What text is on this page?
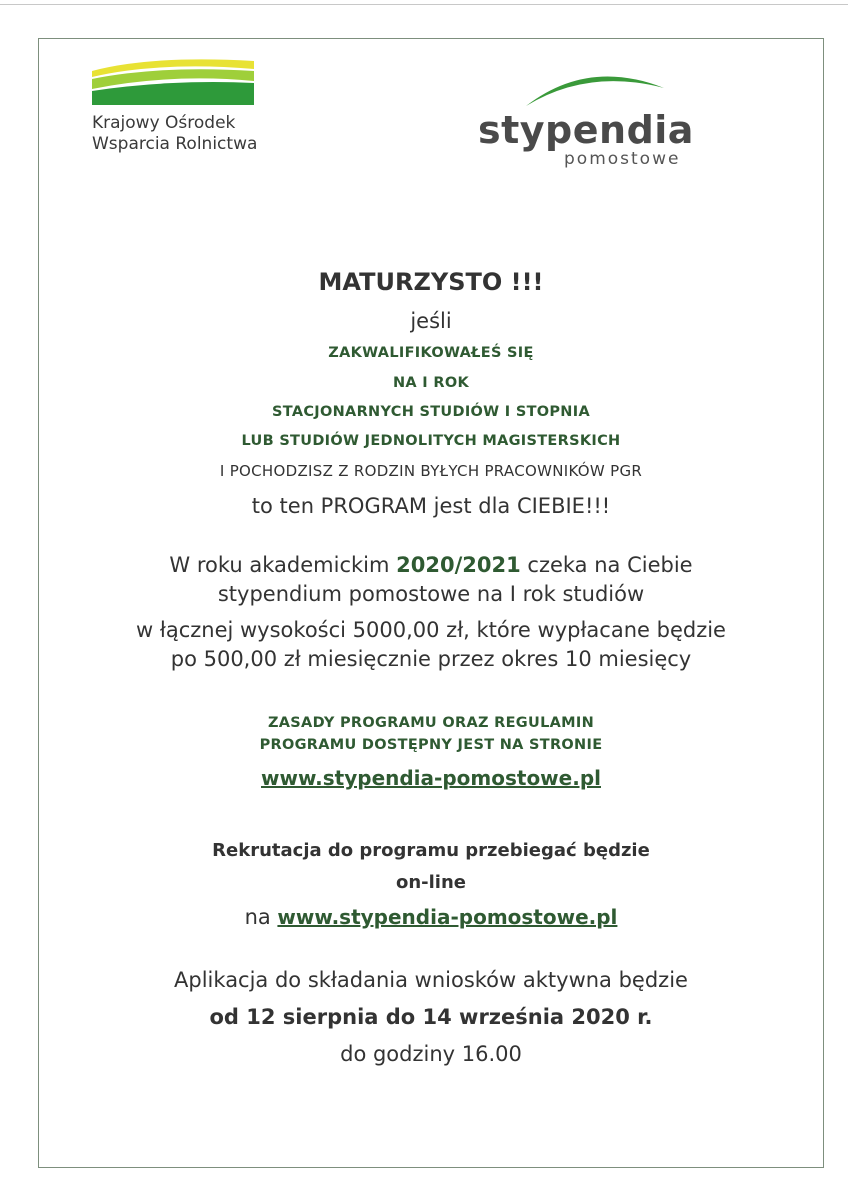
Krajowy Ośrodek
Wsparcia Rolnictwa	stypendia
pomostowe
MATURZYSTO !!!
jeśli
ZAKWALIFIKOWAŁEŚ SIĘ
NA I ROK
STACJONARNYCH STUDIÓW I STOPNIA
LUB STUDIÓW JEDNOLITYCH MAGISTERSKICH
I POCHODZISZ Z RODZIN BYŁYCH PRACOWNIKÓW PGR
to ten PROGRAM jest dla CIEBIE!!!
W roku akademickim 2020/2021 czeka na Ciebie
stypendium pomostowe na I rok studiów
w łącznej wysokości 5000,00 zł, które wypłacane będzie
po 500,00 zł miesięcznie przez okres 10 miesięcy
ZASADY PROGRAMU ORAZ REGULAMIN
PROGRAMU DOSTĘPNY JEST NA STRONIE
www.stypendia-pomostowe.pl
Rekrutacja do programu przebiegać będzie
on-line
na www.stypendia-pomostowe.pl
Aplikacja do składania wniosków aktywna będzie
od 12 sierpnia do 14 września 2020 r.
do godziny 16.00
